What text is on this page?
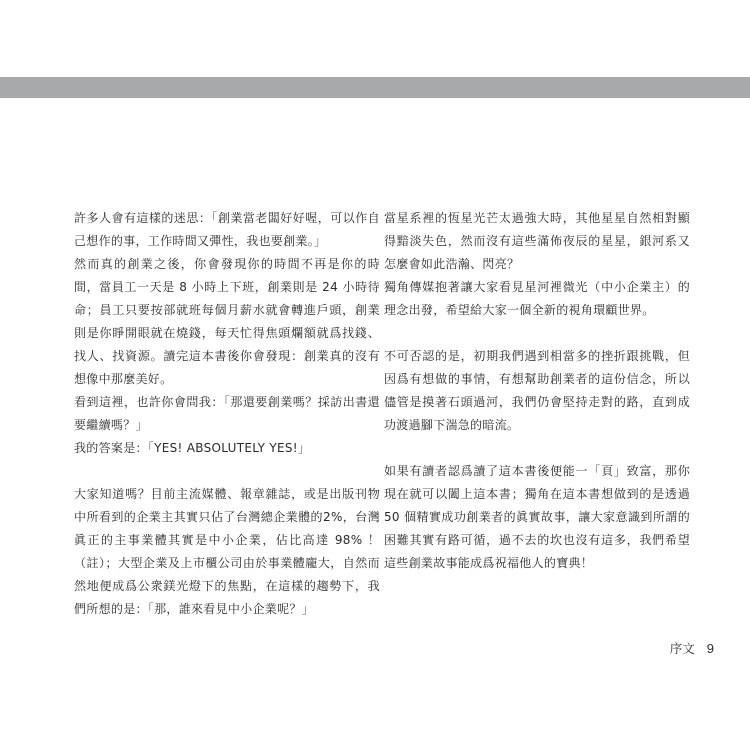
許多人會有這樣的迷思：「創業當老闆好好喔，可以作自己想作的事，工作時間又彈性，我也要創業。」

然而真的創業之後，你會發現你的時間不再是你的時間，當員工一天是 8 小時上下班，創業則是 24 小時待命；員工只要按部就班每個月薪水就會轉進戶頭，創業則是你睜開眼就在燒錢，每天忙得焦頭爛額就爲找錢、找人、找資源。讀完這本書後你會發現：創業真的沒有想像中那麼美好。

看到這裡，也許你會問我：「那還要創業嗎？採訪出書還要繼續嗎？」

我的答案是：「YES! ABSOLUTELY YES!」

大家知道嗎？目前主流媒體、報章雜誌，或是出版刊物中所看到的企業主其實只佔了台灣總企業體的2%，台灣眞正的主事業體其實是中小企業，佔比高達 98% ！（註）；大型企業及上市櫃公司由於事業體龐大，自然而然地便成爲公衆鎂光燈下的焦點，在這樣的趨勢下，我們所想的是：「那，誰來看見中小企業呢？」

當星系裡的恆星光芒太過強大時，其他星星自然相對顯得黯淡失色，然而沒有這些滿佈夜辰的星星，銀河系又怎麼會如此浩瀚、閃亮？

獨角傳媒抱著讓大家看見星河裡微光（中小企業主）的理念出發，希望給大家一個全新的視角環顧世界。

不可否認的是，初期我們遇到相當多的挫折跟挑戰，但因爲有想做的事情，有想幫助創業者的這份信念，所以儘管是摸著石頭過河，我們仍會堅持走對的路，直到成功渡過腳下湍急的暗流。

如果有讀者認爲讀了這本書後便能一「頁」致富，那你現在就可以闔上這本書；獨角在這本書想做到的是透過 50 個精實成功創業者的眞實故事，讓大家意識到所謂的困難其實有路可循，過不去的坎也沒有這多，我們希望這些創業故事能成爲祝福他人的寶典！

序文 9
